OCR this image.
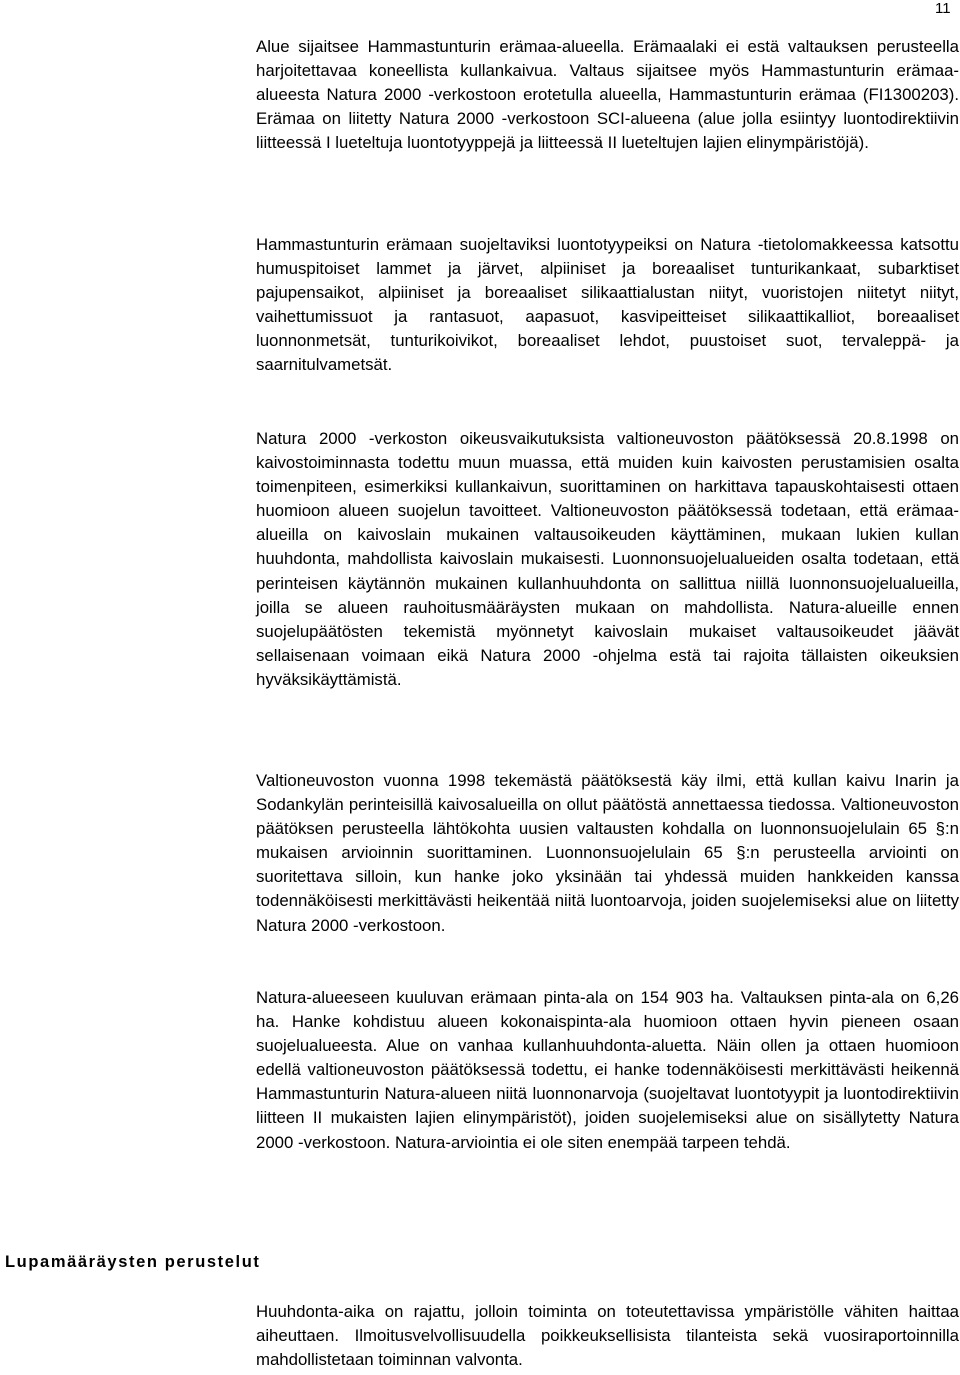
11

Alue sijaitsee Hammastunturin erämaa-alueella. Erämaalaki ei estä valtauksen perusteella harjoitettavaa koneellista kullankaivua. Valtaus sijaitsee myös Hammastunturin erämaa-alueesta Natura 2000 -verkostoon erotetulla alueella, Hammastunturin erämaa (FI1300203). Erämaa on liitetty Natura 2000 -verkostoon SCI-alueena (alue jolla esiintyy luontodirektiivin liitteessä I lueteltuja luontotyyppejä ja liitteessä II lueteltujen lajien elinympäristöjä).

Hammastunturin erämaan suojeltaviksi luontotyypeiksi on Natura -tietolomakkeessa katsottu humuspitoiset lammet ja järvet, alpiiniset ja boreaaliset tunturikankaat, subarktiset pajupensaikot, alpiiniset ja boreaaliset silikaattialustan niityt, vuoristojen niitetyt niityt, vaihettumissuot ja rantasuot, aapasuot, kasvipeitteiset silikaattikalliot, boreaaliset luonnonmetsät, tunturikoivikot, boreaaliset lehdot, puustoiset suot, tervaleppä- ja saarnitulvametsät.

Natura 2000 -verkoston oikeusvaikutuksista valtioneuvoston päätöksessä 20.8.1998 on kaivostoiminnasta todettu muun muassa, että muiden kuin kaivosten perustamisien osalta toimenpiteen, esimerkiksi kullankaivun, suorittaminen on harkittava tapauskohtaisesti ottaen huomioon alueen suojelun tavoitteet. Valtioneuvoston päätöksessä todetaan, että erämaa-alueilla on kaivoslain mukainen valtausoikeuden käyttäminen, mukaan lukien kullan huuhdonta, mahdollista kaivoslain mukaisesti. Luonnonsuojelualueiden osalta todetaan, että perinteisen käytännön mukainen kullanhuuhdonta on sallittua niillä luonnonsuojelualueilla, joilla se alueen rauhoitusmääräysten mukaan on mahdollista. Natura-alueille ennen suojelupäätösten tekemistä myönnetyt kaivoslain mukaiset valtausoikeudet jäävät sellaisenaan voimaan eikä Natura 2000 -ohjelma estä tai rajoita tällaisten oikeuksien hyväksikäyttämistä.

Valtioneuvoston vuonna 1998 tekemästä päätöksestä käy ilmi, että kullan kaivu Inarin ja Sodankylän perinteisillä kaivosalueilla on ollut päätöstä annettaessa tiedossa. Valtioneuvoston päätöksen perusteella lähtökohta uusien valtausten kohdalla on luonnonsuojelulain 65 §:n mukaisen arvioinnin suorittaminen. Luonnonsuojelulain 65 §:n perusteella arviointi on suoritettava silloin, kun hanke joko yksinään tai yhdessä muiden hankkeiden kanssa todennäköisesti merkittävästi heikentää niitä luontoarvoja, joiden suojelemiseksi alue on liitetty Natura 2000 -verkostoon.

Natura-alueeseen kuuluvan erämaan pinta-ala on 154 903 ha. Valtauksen pinta-ala on 6,26 ha. Hanke kohdistuu alueen kokonaispinta-ala huomioon ottaen hyvin pieneen osaan suojelualueesta. Alue on vanhaa kullanhuuhdonta-aluetta. Näin ollen ja ottaen huomioon edellä valtioneuvoston päätöksessä todettu, ei hanke todennäköisesti merkittävästi heikennä Hammastunturin Natura-alueen niitä luonnonarvoja (suojeltavat luontotyypit ja luontodirektiivin liitteen II mukaisten lajien elinympäristöt), joiden suojelemiseksi alue on sisällytetty Natura 2000 -verkostoon. Natura-arviointia ei ole siten enempää tarpeen tehdä.

Lupamääräysten perustelut

Huuhdonta-aika on rajattu, jolloin toiminta on toteutettavissa ympäristölle vähiten haittaa aiheuttaen. Ilmoitusvelvollisuudella poikkeuksellisista tilanteista sekä vuosiraportoinnilla mahdollistetaan toiminnan valvonta.
